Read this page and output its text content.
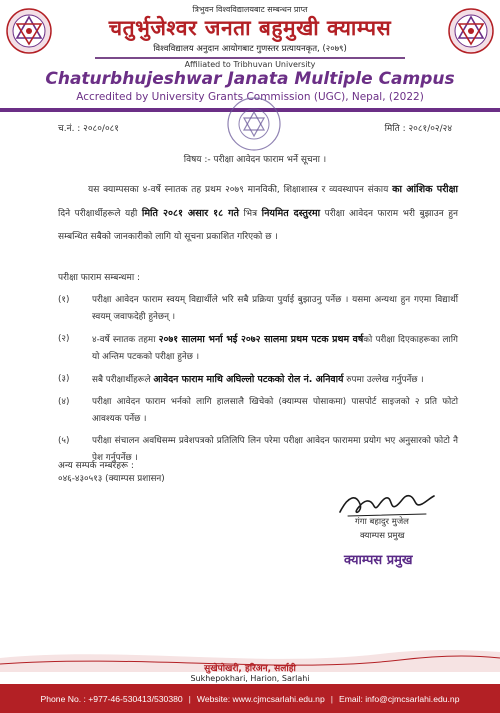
त्रिभुवन विश्वविद्यालयबाट सम्बन्धन प्राप्त
चतुर्भुजेश्वर जनता बहुमुखी क्याम्पस
विश्वविद्यालय अनुदान आयोगबाट गुणस्तर प्रत्यायनकृत, (२०७९)
Affiliated to Tribhuvan University
Chaturbhujeshwar Janata Multiple Campus
Accredited by University Grants Commission (UGC), Nepal, (2022)
च.नं. : २०८०/०८१	मिति : २०८१/०२/२४
विषय :- परीक्षा आवेदन फाराम भर्ने सूचना ।
यस क्याम्पसका ४-वर्षे स्नातक तह प्रथम २०७९ मानविकी, शिक्षाशास्त्र र व्यवस्थापन संकाय का आंशिक परीक्षा दिने परीक्षार्थीहरूले यही मिति २०८१ असार १८ गते भित्र नियमित दस्तुरमा परीक्षा आवेदन फाराम भरी बुझाउन हुन सम्बन्धित सबैको जानकारीको लागि यो सूचना प्रकाशित गरिएको छ ।
परीक्षा फाराम सम्बन्धमा :
(१)	परीक्षा आवेदन फाराम स्वयम् विद्यार्थीले भरि सबै प्रक्रिया पुर्याई बुझाउनु पर्नेछ । यसमा अन्यथा हुन गएमा विद्यार्थी स्वयम् जवाफदेही हुनेछन् ।
(२)	४-वर्षे स्नातक तहमा २०७१ सालमा भर्ना भई २०७२ सालमा प्रथम पटक प्रथम वर्षको परीक्षा दिएकाहरूका लागि यो अन्तिम पटकको परीक्षा हुनेछ ।
(३)	सबै परीक्षार्थीहरूले आवेदन फाराम माथि अघिल्लो पटकको रोल नं. अनिवार्य रुपमा उल्लेख गर्नुपर्नेछ ।
(४)	परीक्षा आवेदन फाराम भर्नको लागि हालसालै खिचेको (क्याम्पस पोसाकमा) पासपोर्ट साइजको २ प्रति फोटो आवश्यक पर्नेछ ।
(५)	परीक्षा संचालन अवधिसम्म प्रवेशपत्रको प्रतिलिपि लिन परेमा परीक्षा आवेदन फाराममा प्रयोग भए अनुसारको फोटो नै पेश गर्नुपर्नेछ ।
अन्य सम्पर्क नम्बरहरू :
०४६-४३०५१३ (क्याम्पस प्रशासन)
गंगा बहादुर मुजेल
क्याम्पस प्रमुख
क्याम्पस प्रमुख
सुखेपोखरी, हरिअन, सर्लाही
Sukhepokhari, Harion, Sarlahi
Phone No. : +977-46-530413/530380 | Website: www.cjmcsarlahi.edu.np | Email: info@cjmcsarlahi.edu.np
